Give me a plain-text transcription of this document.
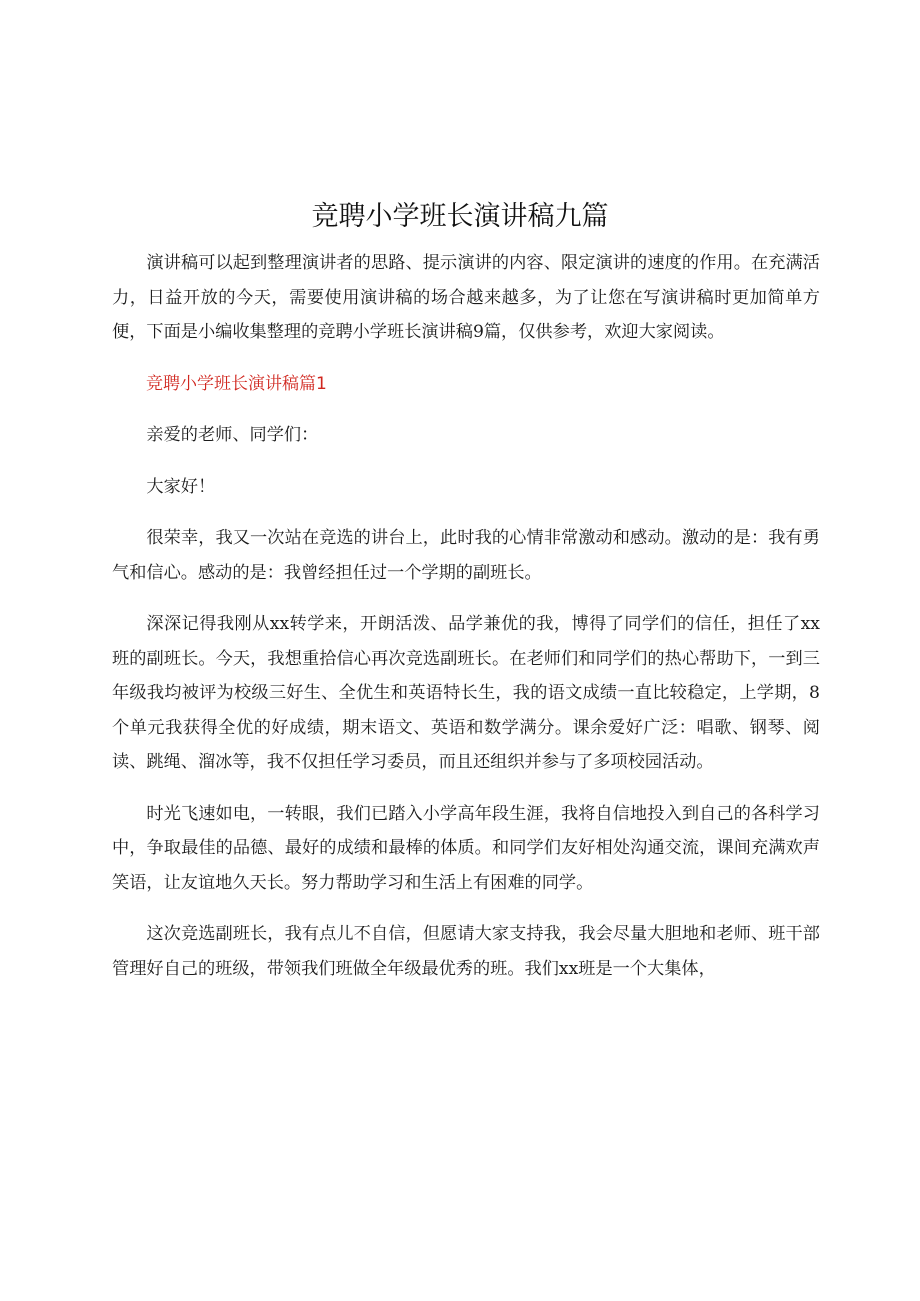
竞聘小学班长演讲稿九篇

演讲稿可以起到整理演讲者的思路、提示演讲的内容、限定演讲的速度的作用。在充满活力，日益开放的今天，需要使用演讲稿的场合越来越多，为了让您在写演讲稿时更加简单方便，下面是小编收集整理的竞聘小学班长演讲稿9篇，仅供参考，欢迎大家阅读。

竞聘小学班长演讲稿篇1

亲爱的老师、同学们：

大家好！

很荣幸，我又一次站在竞选的讲台上，此时我的心情非常激动和感动。激动的是：我有勇气和信心。感动的是：我曾经担任过一个学期的副班长。

深深记得我刚从xx转学来，开朗活泼、品学兼优的我，博得了同学们的信任，担任了xx班的副班长。今天，我想重拾信心再次竞选副班长。在老师们和同学们的热心帮助下，一到三年级我均被评为校级三好生、全优生和英语特长生，我的语文成绩一直比较稳定，上学期，8个单元我获得全优的好成绩，期末语文、英语和数学满分。课余爱好广泛：唱歌、钢琴、阅读、跳绳、溜冰等，我不仅担任学习委员，而且还组织并参与了多项校园活动。

时光飞速如电，一转眼，我们已踏入小学高年段生涯，我将自信地投入到自己的各科学习中，争取最佳的品德、最好的成绩和最棒的体质。和同学们友好相处沟通交流，课间充满欢声笑语，让友谊地久天长。努力帮助学习和生活上有困难的同学。

这次竞选副班长，我有点儿不自信，但愿请大家支持我，我会尽量大胆地和老师、班干部管理好自己的班级，带领我们班做全年级最优秀的班。我们xx班是一个大集体，
